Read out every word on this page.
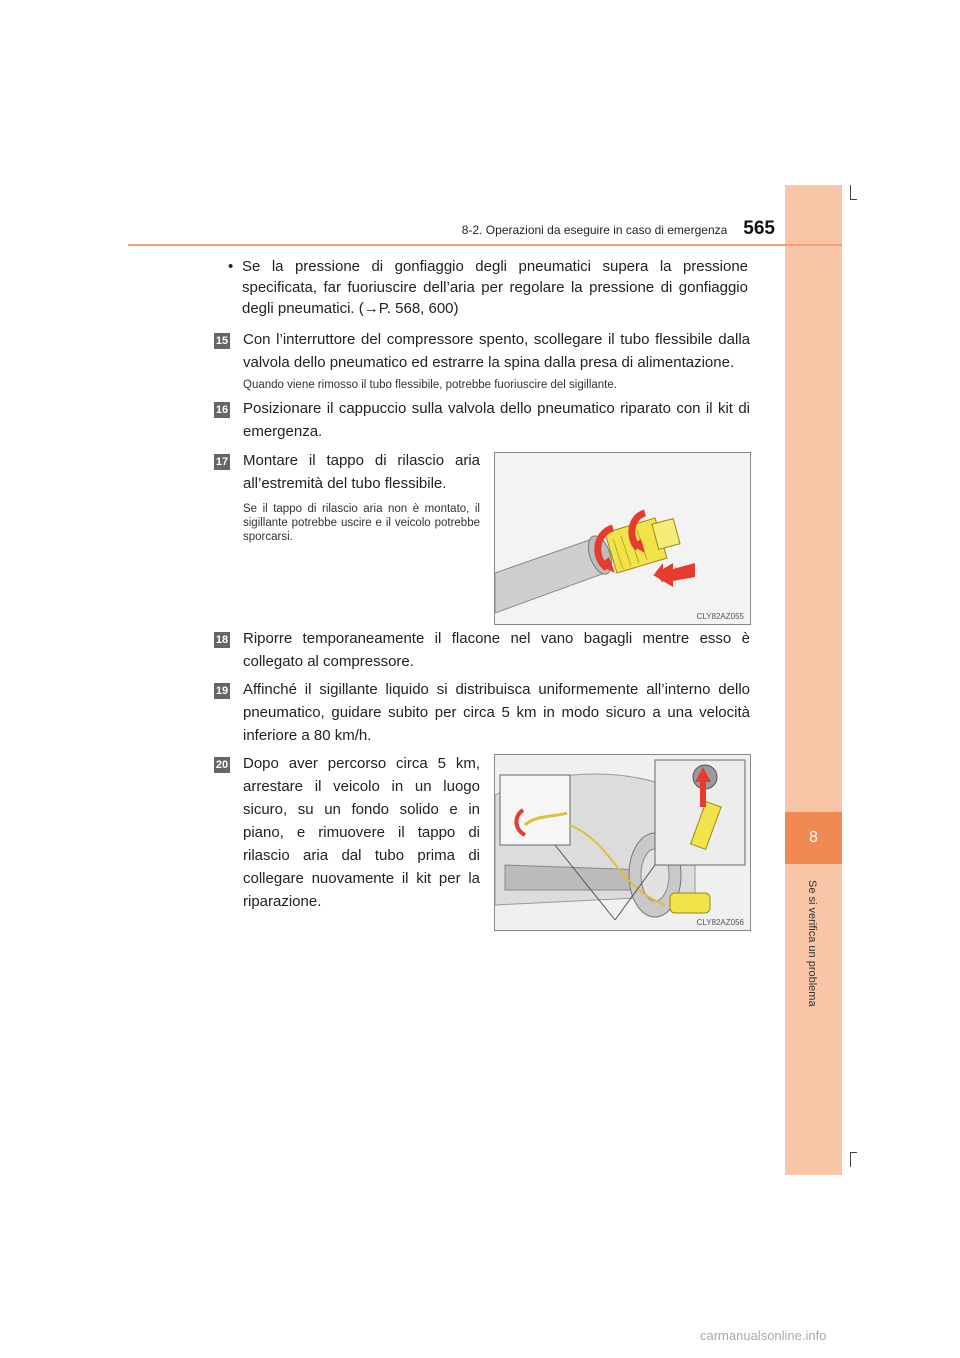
8
Se si verifica un problema
8-2. Operazioni da eseguire in caso di emergenza 565
• Se la pressione di gonfiaggio degli pneumatici supera la pressione specificata, far fuoriuscire dell’aria per regolare la pressione di gonfiaggio degli pneumatici. (→P. 568, 600)
15 Con l’interruttore del compressore spento, scollegare il tubo flessibile dalla valvola dello pneumatico ed estrarre la spina dalla presa di alimentazione.
Quando viene rimosso il tubo flessibile, potrebbe fuoriuscire del sigillante.
16 Posizionare il cappuccio sulla valvola dello pneumatico riparato con il kit di emergenza.
17 Montare il tappo di rilascio aria all’estremità del tubo flessibile.
Se il tappo di rilascio aria non è montato, il sigillante potrebbe uscire e il veicolo potrebbe sporcarsi.
CLY82AZ055
18 Riporre temporaneamente il flacone nel vano bagagli mentre esso è collegato al compressore.
19 Affinché il sigillante liquido si distribuisca uniformemente all’interno dello pneumatico, guidare subito per circa 5 km in modo sicuro a una velocità inferiore a 80 km/h.
20 Dopo aver percorso circa 5 km, arrestare il veicolo in un luogo sicuro, su un fondo solido e in piano, e rimuovere il tappo di rilascio aria dal tubo prima di collegare nuovamente il kit per la riparazione.
CLY82AZ056
carmanualsonline.info
